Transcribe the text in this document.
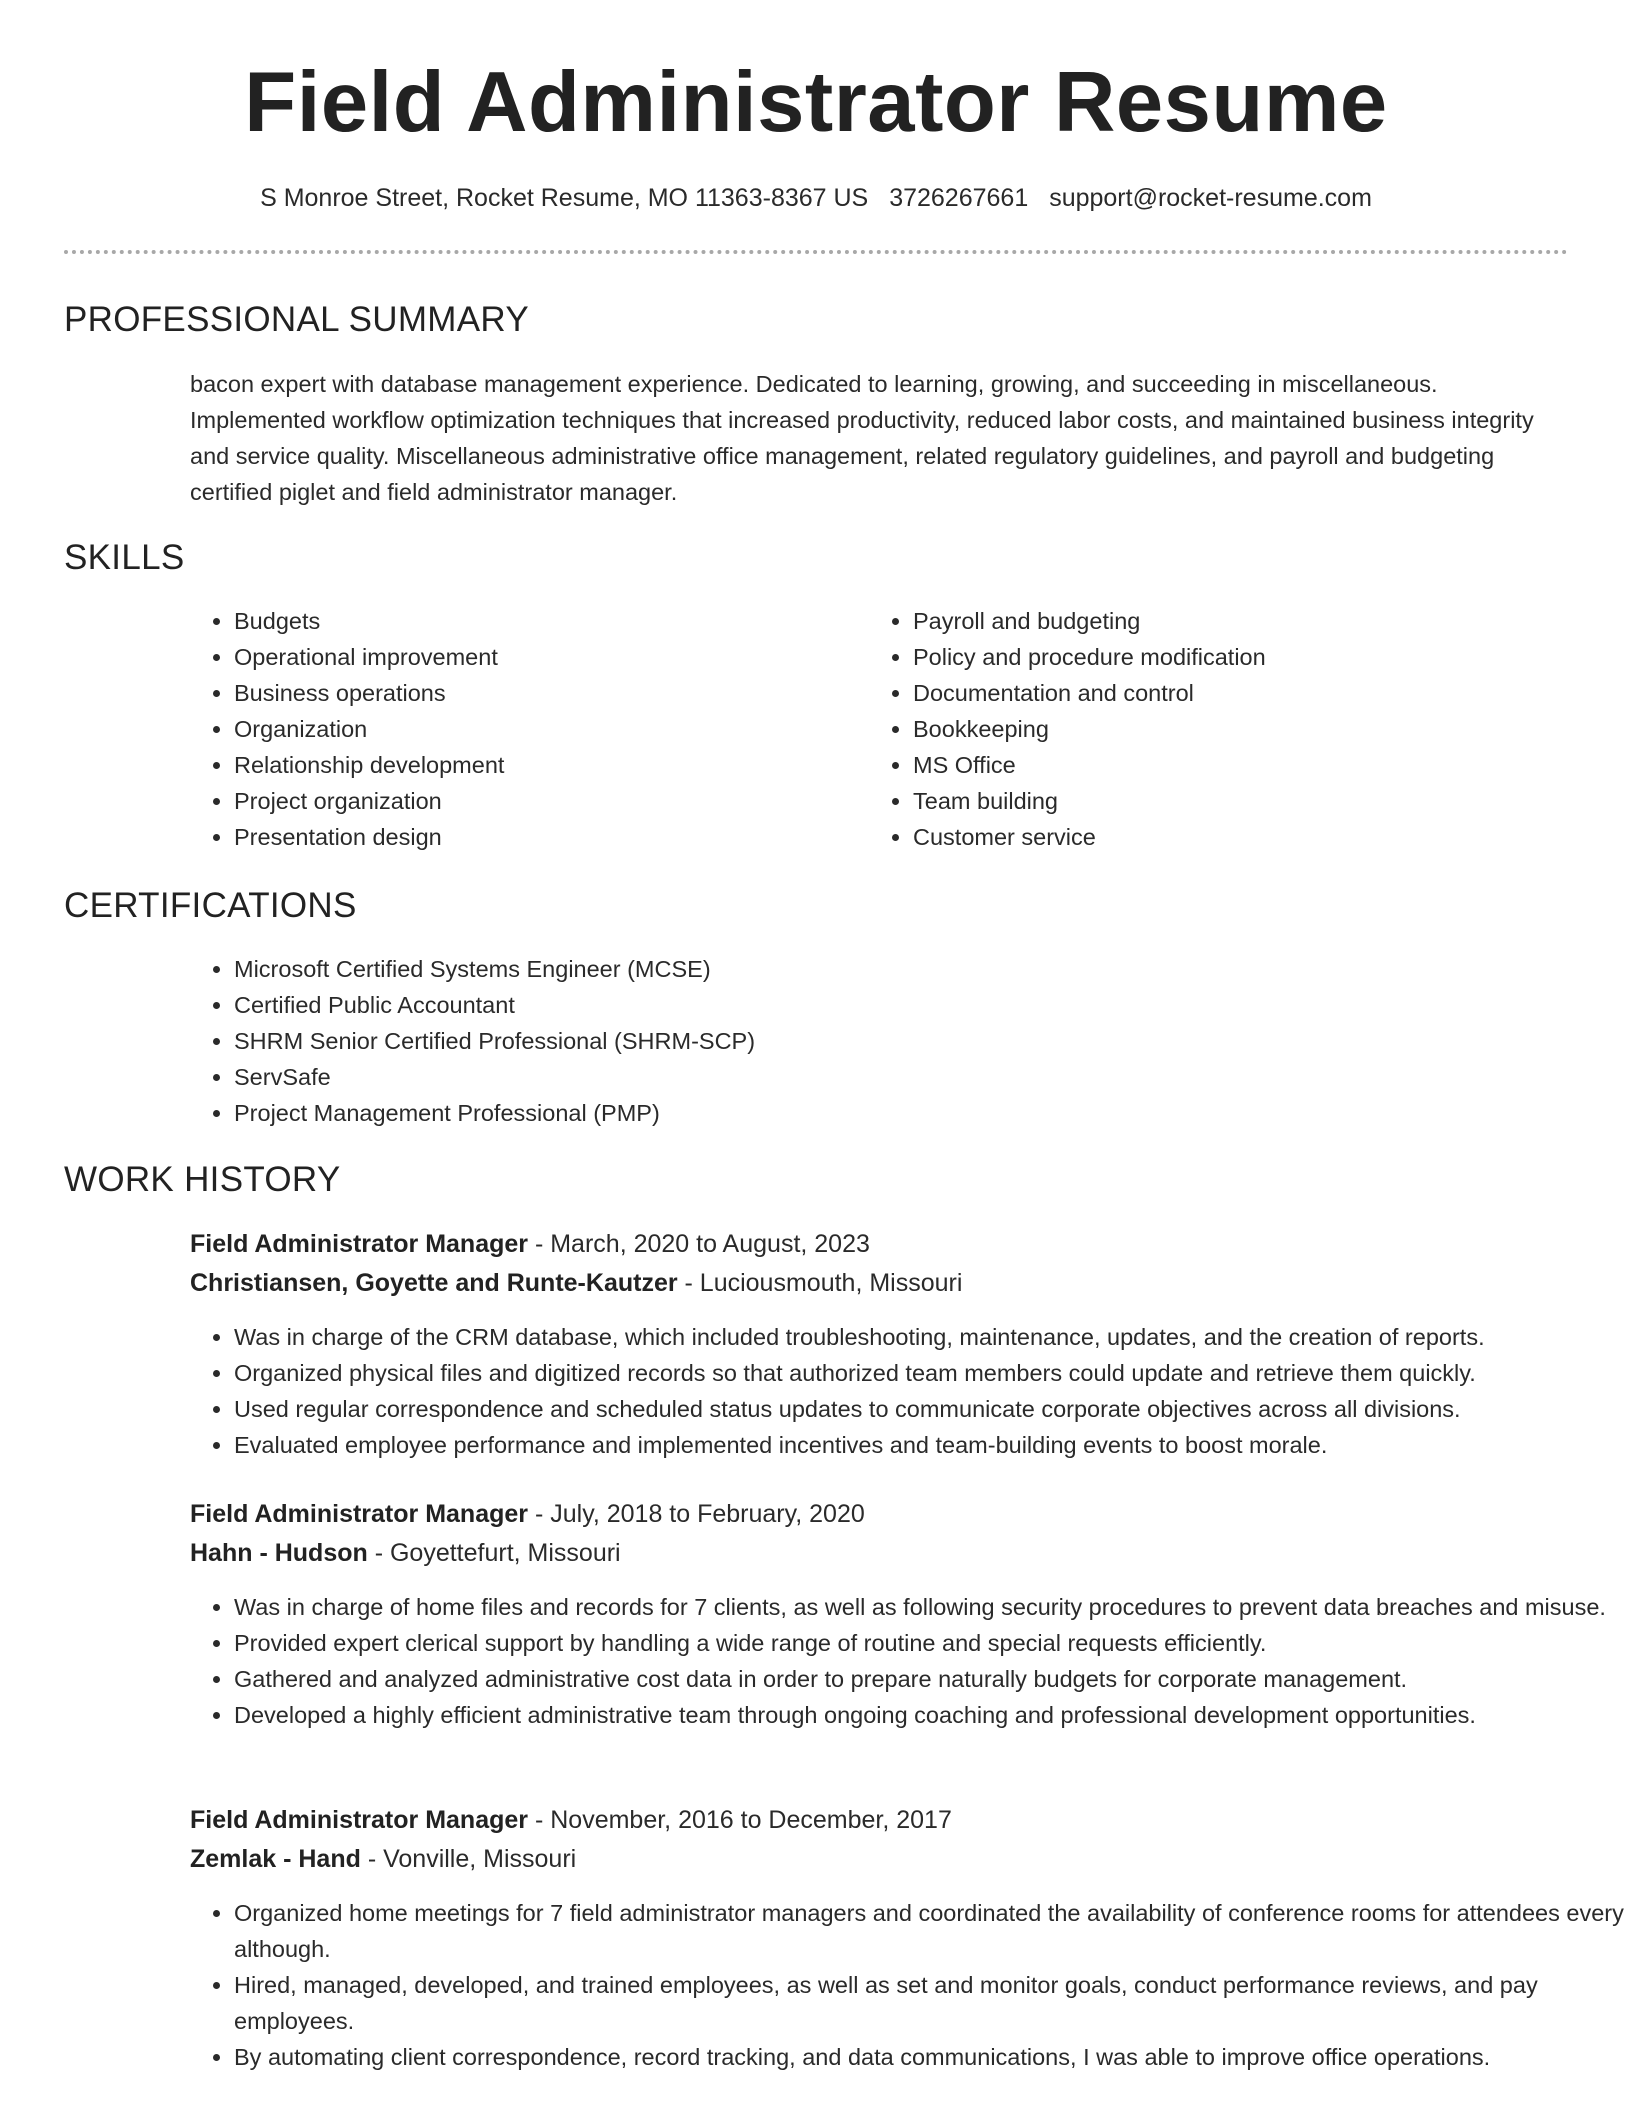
Field Administrator Resume
S Monroe Street, Rocket Resume, MO 11363-8367 US 3726267661 support@rocket-resume.com
PROFESSIONAL SUMMARY

bacon expert with database management experience. Dedicated to learning, growing, and succeeding in miscellaneous. Implemented workflow optimization techniques that increased productivity, reduced labor costs, and maintained business integrity and service quality. Miscellaneous administrative office management, related regulatory guidelines, and payroll and budgeting certified piglet and field administrator manager.

SKILLS
• Budgets
• Operational improvement
• Business operations
• Organization
• Relationship development
• Project organization
• Presentation design
• Payroll and budgeting
• Policy and procedure modification
• Documentation and control
• Bookkeeping
• MS Office
• Team building
• Customer service
CERTIFICATIONS
• Microsoft Certified Systems Engineer (MCSE)
• Certified Public Accountant
• SHRM Senior Certified Professional (SHRM-SCP)
• ServSafe
• Project Management Professional (PMP)
WORK HISTORY
Field Administrator Manager - March, 2020 to August, 2023
Christiansen, Goyette and Runte-Kautzer - Luciousmouth, Missouri
• Was in charge of the CRM database, which included troubleshooting, maintenance, updates, and the creation of reports.
• Organized physical files and digitized records so that authorized team members could update and retrieve them quickly.
• Used regular correspondence and scheduled status updates to communicate corporate objectives across all divisions.
• Evaluated employee performance and implemented incentives and team-building events to boost morale.
Field Administrator Manager - July, 2018 to February, 2020
Hahn - Hudson - Goyettefurt, Missouri
• Was in charge of home files and records for 7 clients, as well as following security procedures to prevent data breaches and misuse.
• Provided expert clerical support by handling a wide range of routine and special requests efficiently.
• Gathered and analyzed administrative cost data in order to prepare naturally budgets for corporate management.
• Developed a highly efficient administrative team through ongoing coaching and professional development opportunities.
Field Administrator Manager - November, 2016 to December, 2017
Zemlak - Hand - Vonville, Missouri
• Organized home meetings for 7 field administrator managers and coordinated the availability of conference rooms for attendees every although.
• Hired, managed, developed, and trained employees, as well as set and monitor goals, conduct performance reviews, and pay employees.
• By automating client correspondence, record tracking, and data communications, I was able to improve office operations.
